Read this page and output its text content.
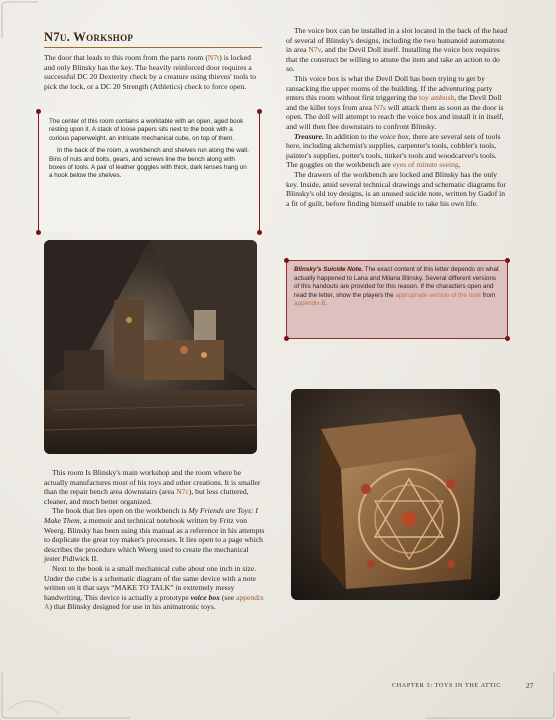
N7u. Workshop

The door that leads to this room from the parts room (N7t) is locked and only Blinsky has the key. The heavily reinforced door requires a successful DC 20 Dexterity check by a creature using thieves' tools to pick the lock, or a DC 20 Strength (Athletics) check to force open.

The center of this room contains a worktable with an open, aged book resting upon it. A stack of loose papers sits next to the book with a curious paperweight, an intricate mechanical cube, on top of them.

In the back of the room, a workbench and shelves run along the wall. Bins of nuts and bolts, gears, and screws line the bench along with boxes of tools. A pair of leather goggles with thick, dark lenses hang on a hook below the shelves.

This room Is Blinsky's main workshop and the room where he actually manufactures most of his toys and other creations. It is smaller than the repair bench area downstairs (area N7c), but less cluttered, cleaner, and much better organized.

The book that lies open on the workbench is My Friends are Toys: I Make Them, a memoir and technical notebook written by Fritz von Weerg. Blinsky has been using this manual as a reference in his attempts to duplicate the great toy maker's processes. It lies open to a page which describes the procedure which Weerg used to create the mechanical jester Pidlwick II.

Next to the book is a small mechanical cube about one inch in size. Under the cube is a schematic diagram of the same device with a note written on it that says “MAKE TO TALK” in extremely messy handwriting. This device is actually a prototype voice box (see appendix A) that Blinsky designed for use in his animatronic toys.

The voice box can be installed in a slot located in the back of the head of several of Blinsky's designs, including the two humanoid automatons in area N7v, and the Devil Doll itself. Installing the voice box requires that the construct be willing to attune the item and take an action to do so.

This voice box is what the Devil Doll has been trying to get by ransacking the upper rooms of the building. If the adventuring party enters this room without first triggering the toy ambush, the Devil Doll and the killer toys from area N7s will attack them as soon as the door is open. The doll will attempt to reach the voice box and install it in itself, and will then flee downstairs to confront Blinsky.

Treasure. In addition to the voice box, there are several sets of tools here, including alchemist's supplies, carpenter's tools, cobbler's tools, painter's supplies, potter's tools, tinker's tools and woodcarver's tools. The goggles on the workbench are eyes of minute seeing.

The drawers of the workbench are locked and Blinsky has the only key. Inside, amid several technical drawings and schematic diagrams for Blinsky's old toy designs, is an unused suicide note, written by Gadof in a fit of guilt, before finding himself unable to take his own life.

Blinsky's Suicide Note. The exact content of this letter depends on what actually happened to Lana and Milana Blinsky. Several different versions of this handouts are provided for this reason. If the characters open and read the letter, show the players the appropriate version of the note from appendix B.

CHAPTER 3: TOYS IN THE ATTIC	27
